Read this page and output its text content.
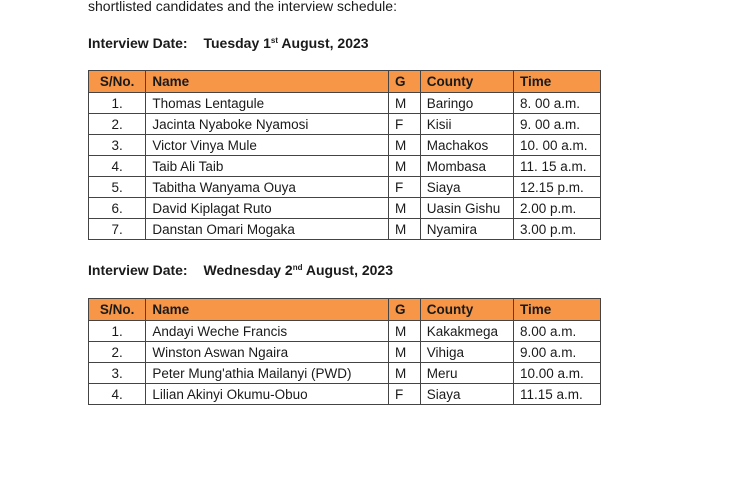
shortlisted candidates and the interview schedule:
Interview Date: Tuesday 1st August, 2023
S/No.	Name	G	County	Time
1.	Thomas Lentagule	M	Baringo	8. 00 a.m.
2.	Jacinta Nyaboke Nyamosi	F	Kisii	9. 00 a.m.
3.	Victor Vinya Mule	M	Machakos	10. 00 a.m.
4.	Taib Ali Taib	M	Mombasa	11. 15 a.m.
5.	Tabitha Wanyama Ouya	F	Siaya	12.15 p.m.
6.	David Kiplagat Ruto	M	Uasin Gishu	2.00 p.m.
7.	Danstan Omari Mogaka	M	Nyamira	3.00 p.m.
Interview Date: Wednesday 2nd August, 2023
S/No.	Name	G	County	Time
1.	Andayi Weche Francis	M	Kakakmega	8.00 a.m.
2.	Winston Aswan Ngaira	M	Vihiga	9.00 a.m.
3.	Peter Mung'athia Mailanyi (PWD)	M	Meru	10.00 a.m.
4.	Lilian Akinyi Okumu-Obuo	F	Siaya	11.15 a.m.
